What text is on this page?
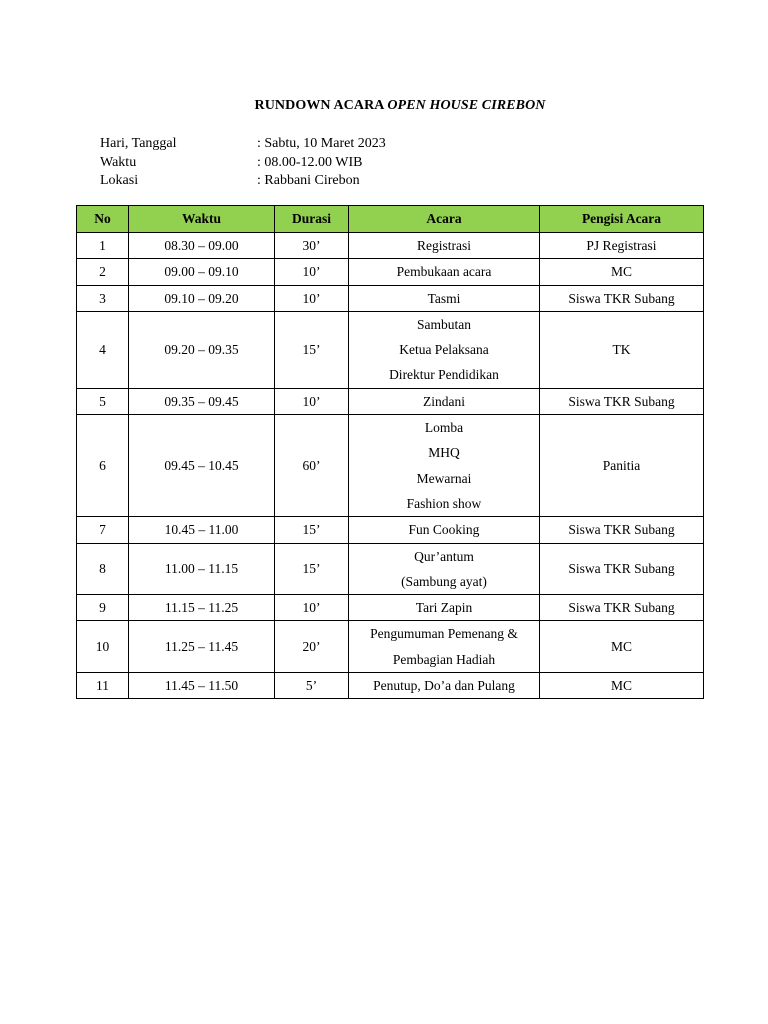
RUNDOWN ACARA OPEN HOUSE CIREBON
Hari, Tanggal	: Sabtu, 10 Maret 2023
Waktu	: 08.00-12.00 WIB
Lokasi	: Rabbani Cirebon
No	Waktu	Durasi	Acara	Pengisi Acara
1	08.30 – 09.00	30’	Registrasi	PJ Registrasi
2	09.00 – 09.10	10’	Pembukaan acara	MC
3	09.10 – 09.20	10’	Tasmi	Siswa TKR Subang
4	09.20 – 09.35	15’	Sambutan
Ketua Pelaksana
Direktur Pendidikan	TK
5	09.35 – 09.45	10’	Zindani	Siswa TKR Subang
6	09.45 – 10.45	60’	Lomba
MHQ
Mewarnai
Fashion show	Panitia
7	10.45 – 11.00	15’	Fun Cooking	Siswa TKR Subang
8	11.00 – 11.15	15’	Qur’antum
(Sambung ayat)	Siswa TKR Subang
9	11.15 – 11.25	10’	Tari Zapin	Siswa TKR Subang
10	11.25 – 11.45	20’	Pengumuman Pemenang &
Pembagian Hadiah	MC
11	11.45 – 11.50	5’	Penutup, Do’a dan Pulang	MC
